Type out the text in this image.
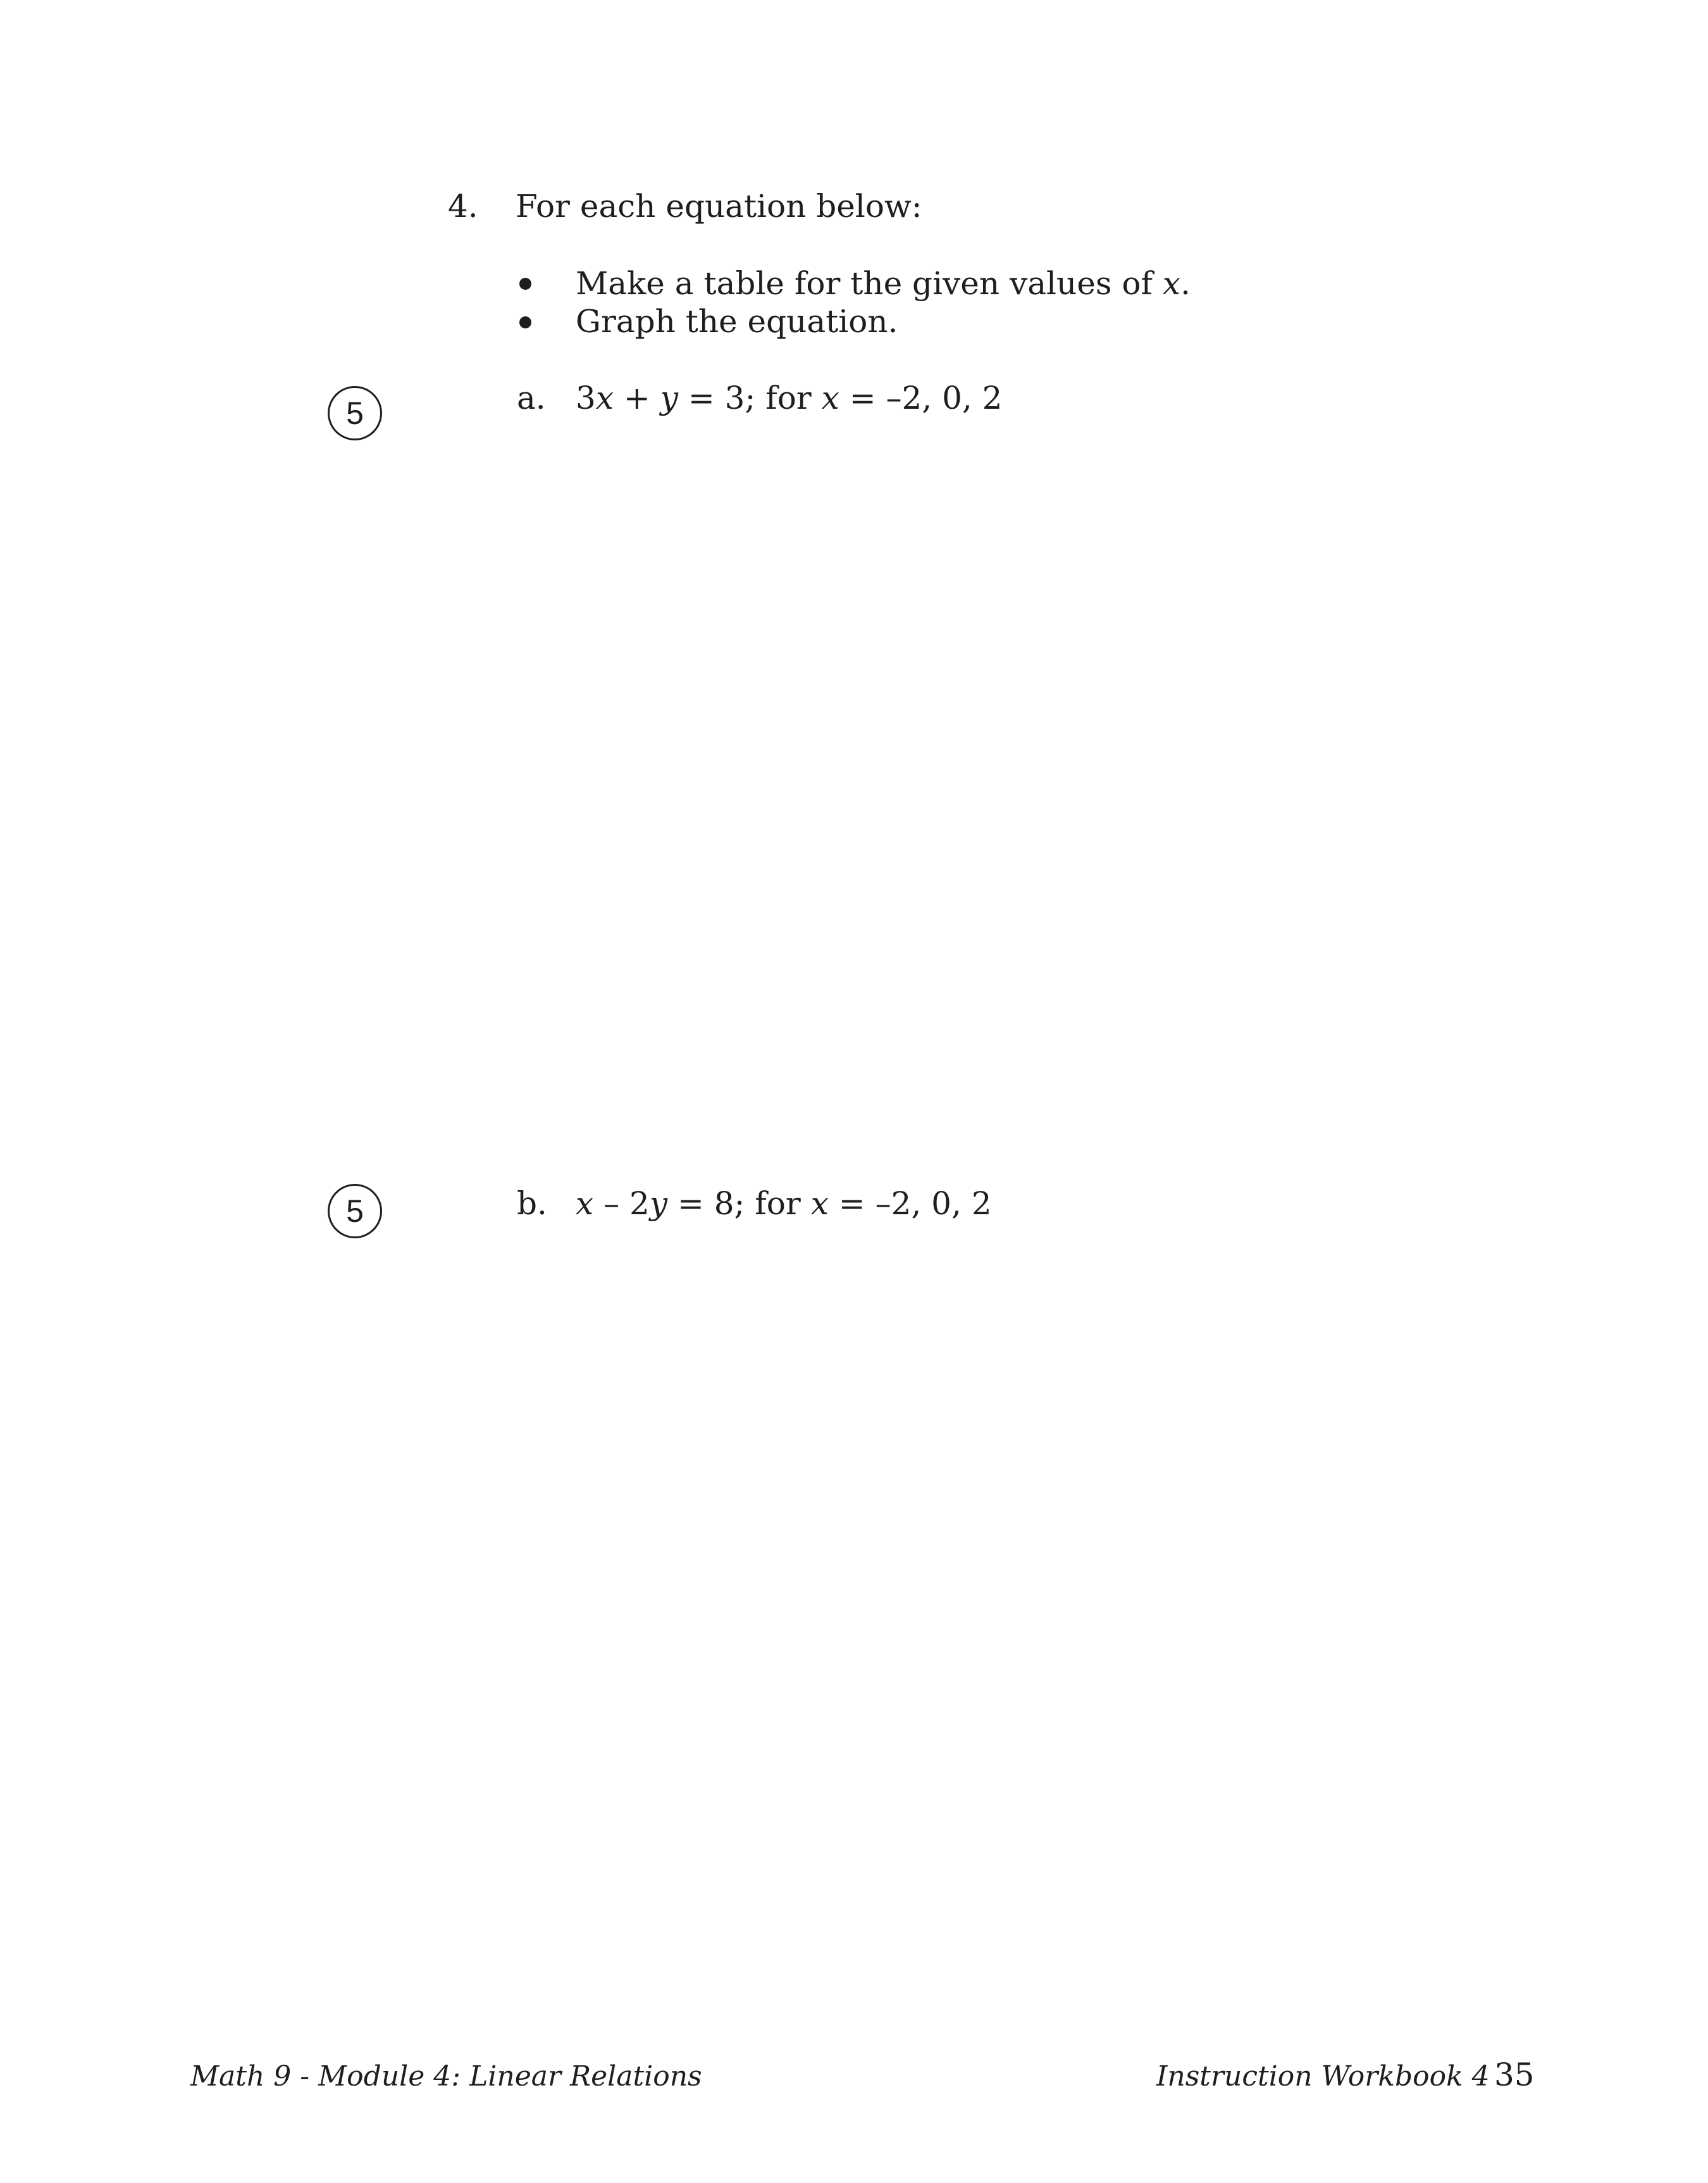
4. For each equation below:
Make a table for the given values of x.
Graph the equation.
5	a. 3x + y = 3; for x = –2, 0, 2
5	b. x – 2y = 8; for x = –2, 0, 2
Math 9 - Module 4: Linear Relations	Instruction Workbook 4 35
